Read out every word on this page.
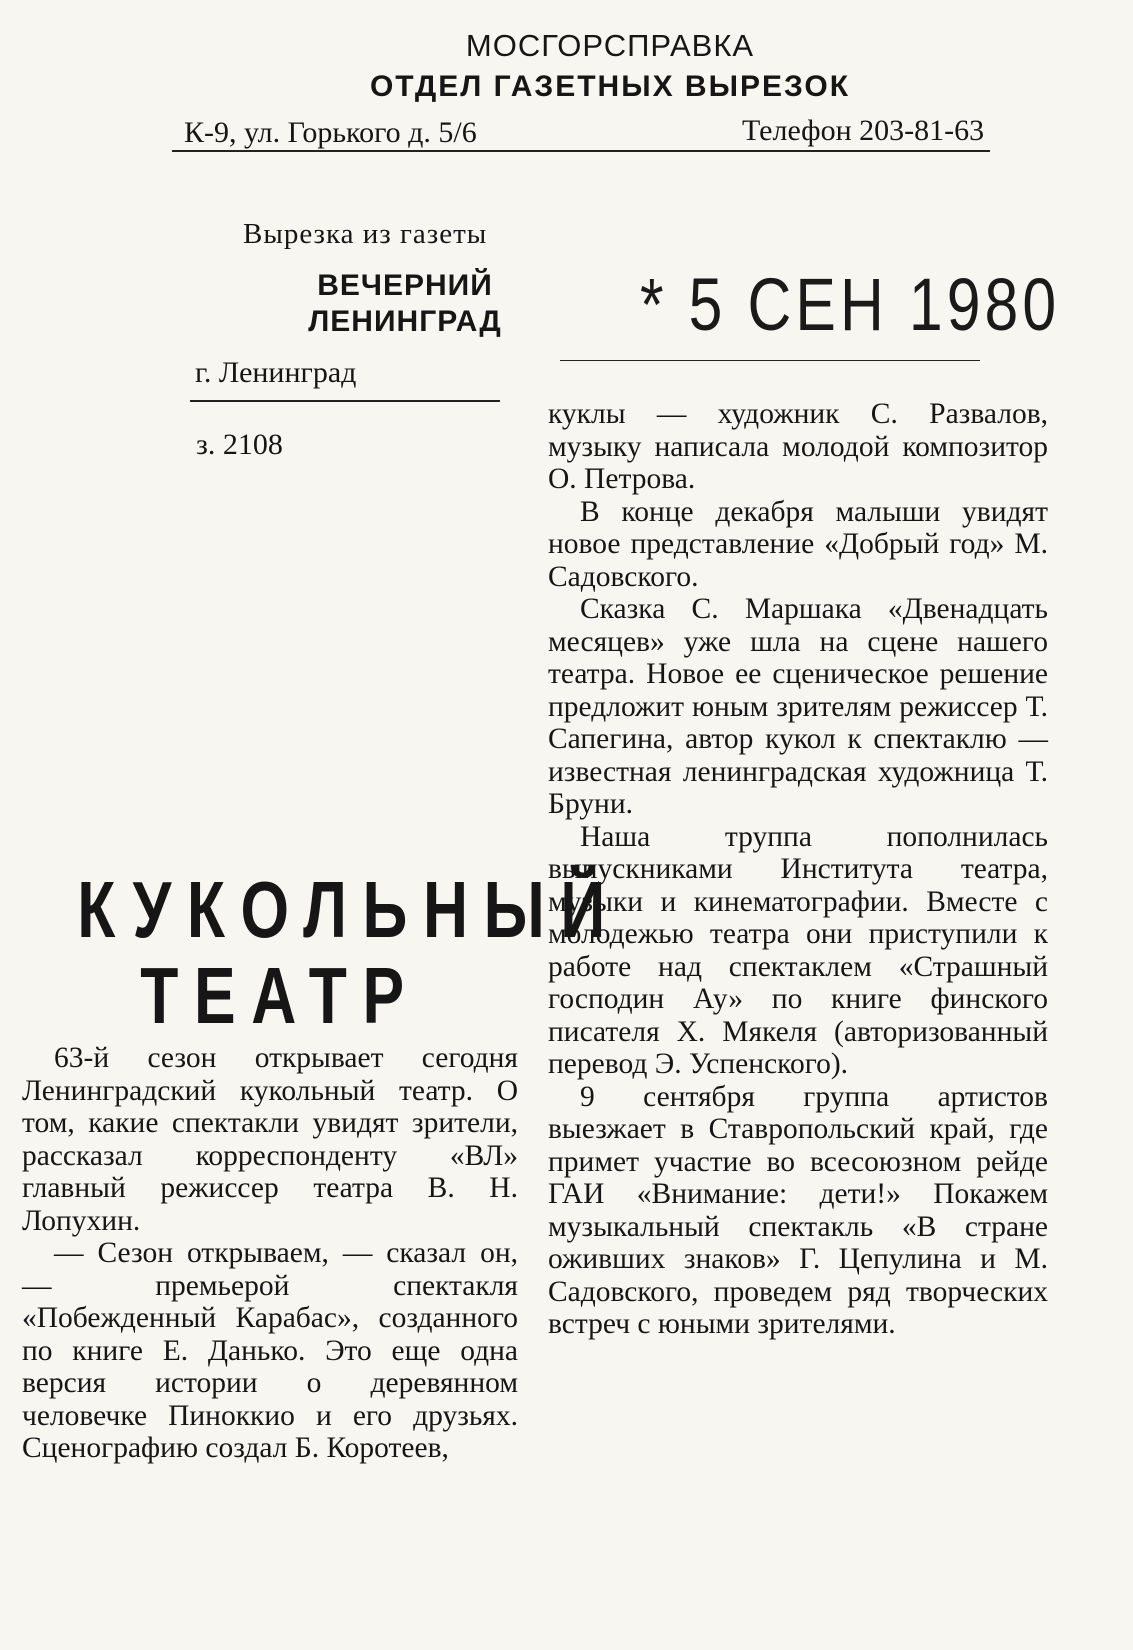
МОСГОРСПРАВКА
ОТДЕЛ ГАЗЕТНЫХ ВЫРЕЗОК
К-9, ул. Горького д. 5/6	Телефон 203-81-63
Вырезка из газеты
ВЕЧЕРНИЙ
ЛЕНИНГРАД
г. Ленинград
з. 2108
* 5 СЕН 1980
КУКОЛЬНЫЙ
ТЕАТР

63-й сезон открывает сегодня Ленинградский кукольный театр. О том, какие спектакли увидят зрители, рассказал корреспонденту «ВЛ» главный режиссер театра В. Н. Лопухин.

— Сезон открываем, — сказал он, — премьерой спектакля «Побежденный Карабас», созданного по книге Е. Данько. Это еще одна версия истории о деревянном человечке Пиноккио и его друзьях. Сценографию создал Б. Коротеев,

куклы — художник С. Развалов, музыку написала молодой композитор О. Петрова.

В конце декабря малыши увидят новое представление «Добрый год» М. Садовского.

Сказка С. Маршака «Двенадцать месяцев» уже шла на сцене нашего театра. Новое ее сценическое решение предложит юным зрителям режиссер Т. Сапегина, автор кукол к спектаклю — известная ленинградская художница Т. Бруни.

Наша труппа пополнилась выпускниками Института театра, музыки и кинематографии. Вместе с молодежью театра они приступили к работе над спектаклем «Страшный господин Ау» по книге финского писателя Х. Мякеля (авторизованный перевод Э. Успенского).

9 сентября группа артистов выезжает в Ставропольский край, где примет участие во всесоюзном рейде ГАИ «Внимание: дети!» Покажем музыкальный спектакль «В стране оживших знаков» Г. Цепулина и М. Садовского, проведем ряд творческих встреч с юными зрителями.
